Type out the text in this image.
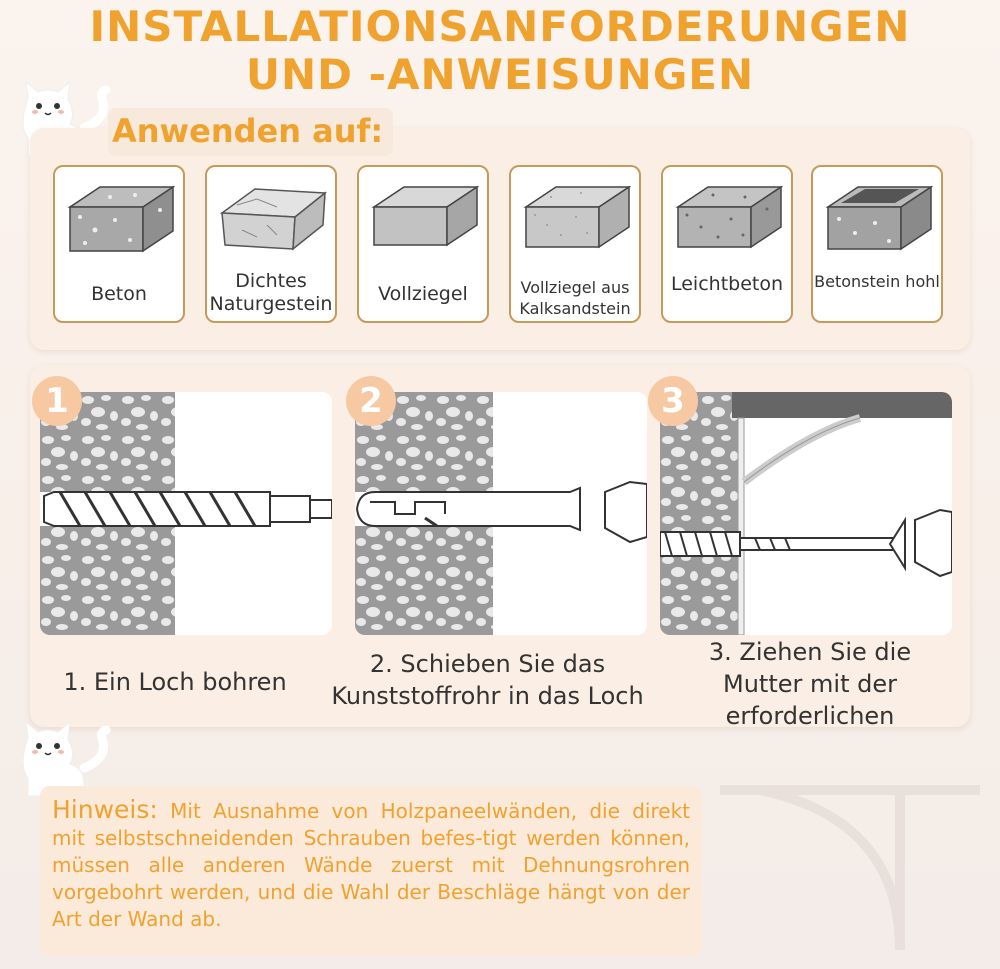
INSTALLATIONSANFORDERUNGEN
UND -ANWEISUNGEN
Anwenden auf:
Beton
Dichtes Naturgestein	Vollziegel	Vollziegel aus Kalksandstein
Leichtbeton	Betonstein hohl
1
1. Ein Loch bohren
2
2. Schieben Sie das Kunststoffrohr in das Loch
3
3. Ziehen Sie die Mutter mit der erforderlichen
Hinweis: Mit Ausnahme von Holzpaneelwänden, die direkt mit selbstschneidenden Schrauben befes-tigt werden können, müssen alle anderen Wände zuerst mit Dehnungsrohren vorgebohrt werden, und die Wahl der Beschläge hängt von der Art der Wand ab.
